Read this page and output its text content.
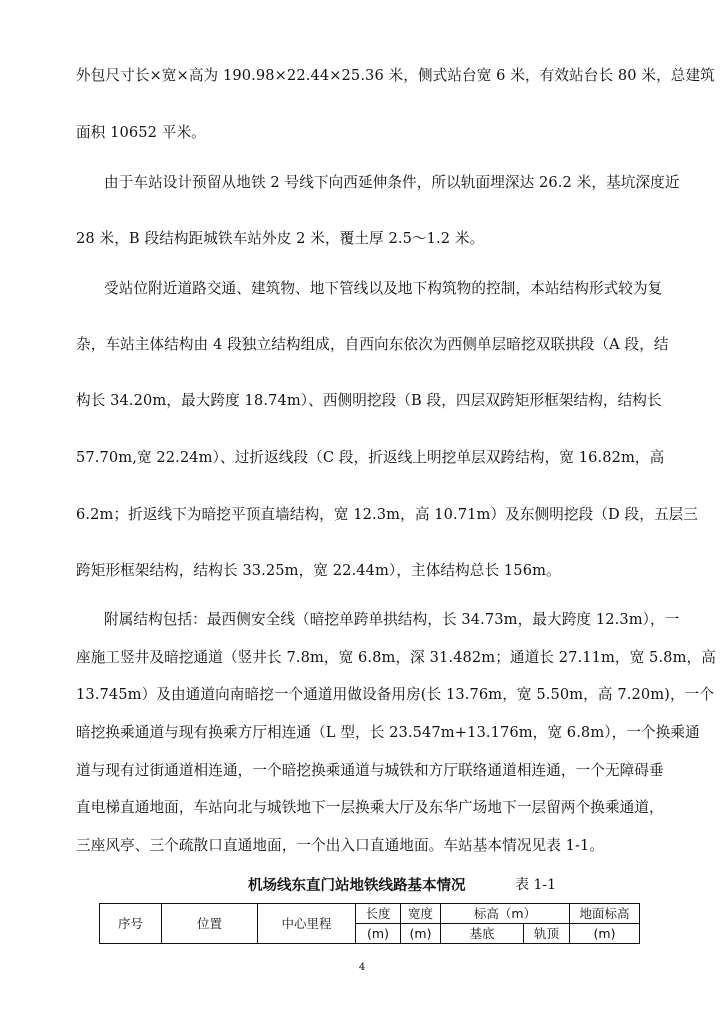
外包尺寸长×宽×高为 190.98×22.44×25.36 米，侧式站台宽 6 米，有效站台长 80 米，总建筑
面积 10652 平米。
由于车站设计预留从地铁 2 号线下向西延伸条件，所以轨面埋深达 26.2 米，基坑深度近
28 米，B 段结构距城铁车站外皮 2 米，覆土厚 2.5～1.2 米。
受站位附近道路交通、建筑物、地下管线以及地下构筑物的控制，本站结构形式较为复
杂，车站主体结构由 4 段独立结构组成，自西向东依次为西侧单层暗挖双联拱段（A 段，结
构长 34.20m，最大跨度 18.74m）、西侧明挖段（B 段，四层双跨矩形框架结构，结构长
57.70m,宽 22.24m）、过折返线段（C 段，折返线上明挖单层双跨结构，宽 16.82m，高
6.2m；折返线下为暗挖平顶直墙结构，宽 12.3m，高 10.71m）及东侧明挖段（D 段，五层三
跨矩形框架结构，结构长 33.25m，宽 22.44m），主体结构总长 156m。
附属结构包括：最西侧安全线（暗挖单跨单拱结构，长 34.73m，最大跨度 12.3m），一
座施工竖井及暗挖通道（竖井长 7.8m，宽 6.8m，深 31.482m；通道长 27.11m，宽 5.8m，高
13.745m）及由通道向南暗挖一个通道用做设备用房(长 13.76m，宽 5.50m，高 7.20m)，一个
暗挖换乘通道与现有换乘方厅相连通（L 型，长 23.547m+13.176m，宽 6.8m），一个换乘通
道与现有过街通道相连通，一个暗挖换乘通道与城铁和方厅联络通道相连通，一个无障碍垂
直电梯直通地面，车站向北与城铁地下一层换乘大厅及东华广场地下一层留两个换乘通道，
三座风亭、三个疏散口直通地面，一个出入口直通地面。车站基本情况见表 1-1。
机场线东直门站地铁线路基本情况	表 1-1
序号	位置	中心里程	长度	宽度	标高（m）		地面标高
			(m)	(m)	基底	轨顶	(m)
4
